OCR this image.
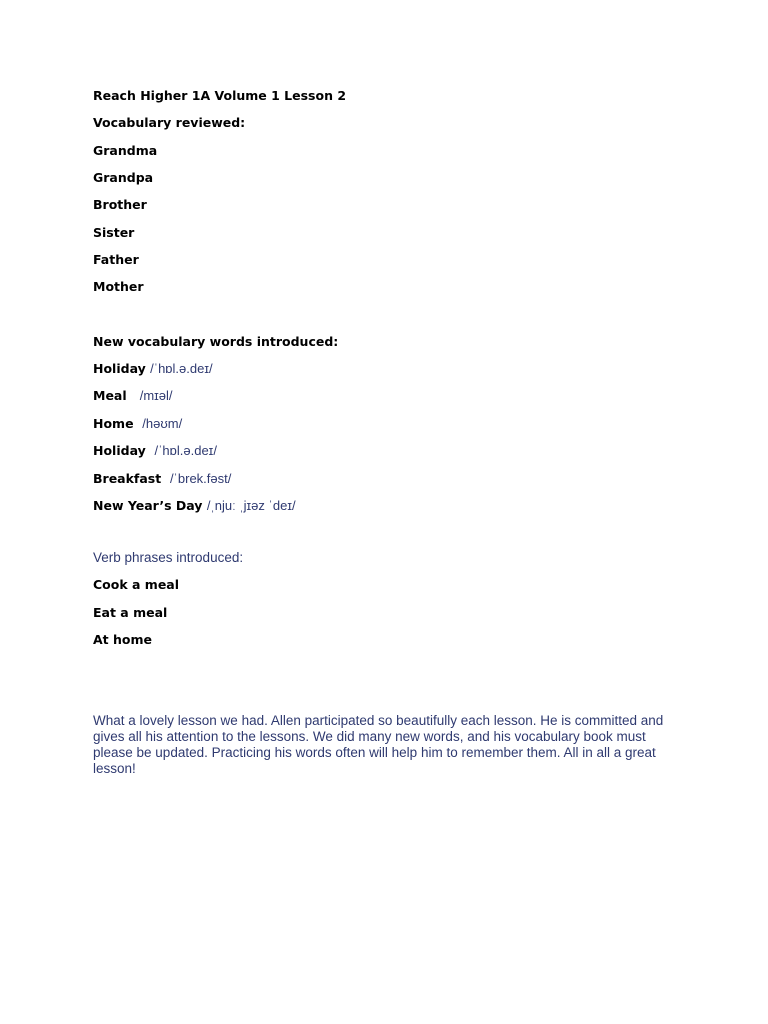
Reach Higher 1A Volume 1 Lesson 2
Vocabulary reviewed:
Grandma
Grandpa
Brother
Sister
Father
Mother
New vocabulary words introduced:
Holiday /ˈhɒl.ə.deɪ/
Meal /mɪəl/
Home /həʊm/
Holiday /ˈhɒl.ə.deɪ/
Breakfast /ˈbrek.fəst/
New Year’s Day /ˌnjuː ˌjɪəz ˈdeɪ/
Verb phrases introduced:
Cook a meal
Eat a meal
At home
What a lovely lesson we had. Allen participated so beautifully each lesson. He is committed and gives all his attention to the lessons. We did many new words, and his vocabulary book must please be updated. Practicing his words often will help him to remember them. All in all a great lesson!
